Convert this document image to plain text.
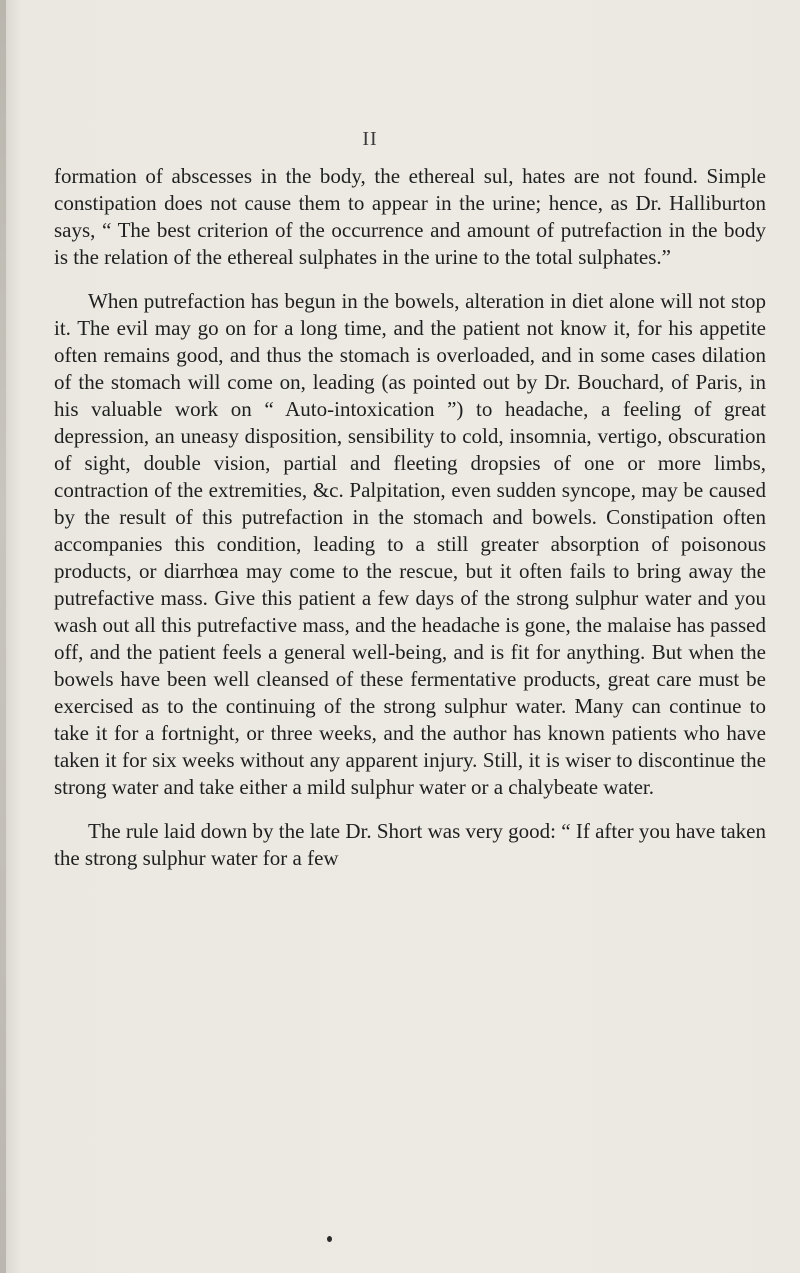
II

formation of abscesses in the body, the ethereal sul, hates are not found. Simple constipation does not cause them to appear in the urine; hence, as Dr. Halliburton says, “ The best criterion of the occurrence and amount of putrefaction in the body is the relation of the ethereal sulphates in the urine to the total sulphates.”

When putrefaction has begun in the bowels, alteration in diet alone will not stop it. The evil may go on for a long time, and the patient not know it, for his appetite often remains good, and thus the stomach is overloaded, and in some cases dilation of the stomach will come on, leading (as pointed out by Dr. Bouchard, of Paris, in his valuable work on “ Auto-intoxication ”) to headache, a feeling of great depression, an uneasy disposition, sensibility to cold, insomnia, vertigo, obscuration of sight, double vision, partial and fleeting dropsies of one or more limbs, contraction of the extremities, &c. Palpitation, even sudden syncope, may be caused by the result of this putrefaction in the stomach and bowels. Constipation often accompanies this condition, leading to a still greater absorption of poisonous products, or diarrhœa may come to the rescue, but it often fails to bring away the putrefactive mass. Give this patient a few days of the strong sulphur water and you wash out all this putrefactive mass, and the headache is gone, the malaise has passed off, and the patient feels a general well-being, and is fit for anything. But when the bowels have been well cleansed of these fermentative products, great care must be exercised as to the continuing of the strong sulphur water. Many can continue to take it for a fortnight, or three weeks, and the author has known patients who have taken it for six weeks without any apparent injury. Still, it is wiser to discontinue the strong water and take either a mild sulphur water or a chalybeate water.

The rule laid down by the late Dr. Short was very good: “ If after you have taken the strong sulphur water for a few
